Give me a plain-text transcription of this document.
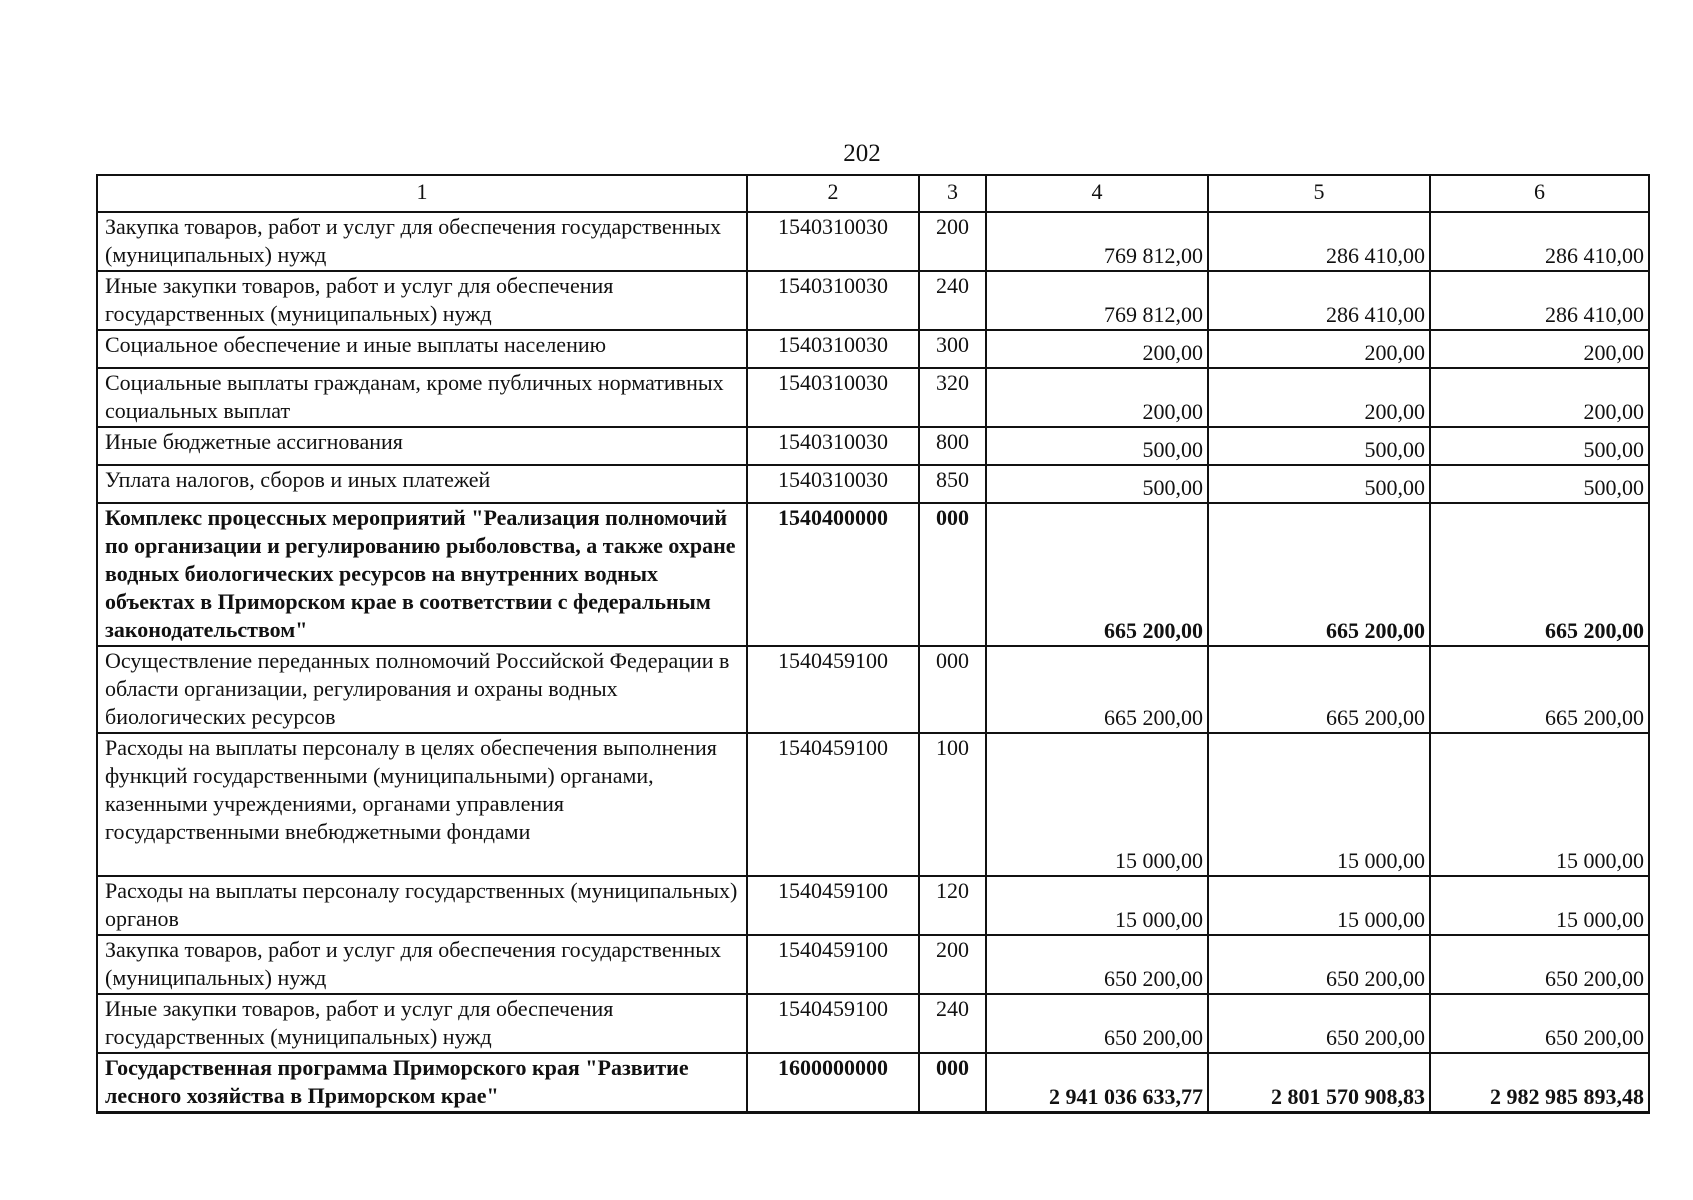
202
1	2	3	4	5	6
Закупка товаров, работ и услуг для обеспечения государственных (муниципальных) нужд	1540310030	200	769 812,00	286 410,00	286 410,00
Иные закупки товаров, работ и услуг для обеспечения государственных (муниципальных) нужд	1540310030	240	769 812,00	286 410,00	286 410,00
Социальное обеспечение и иные выплаты населению	1540310030	300	200,00	200,00	200,00
Социальные выплаты гражданам, кроме публичных нормативных социальных выплат	1540310030	320	200,00	200,00	200,00
Иные бюджетные ассигнования	1540310030	800	500,00	500,00	500,00
Уплата налогов, сборов и иных платежей	1540310030	850	500,00	500,00	500,00
Комплекс процессных мероприятий "Реализация полномочий по организации и регулированию рыболовства, а также охране водных биологических ресурсов на внутренних водных объектах в Приморском крае в соответствии с федеральным законодательством"	1540400000	000	665 200,00	665 200,00	665 200,00
Осуществление переданных полномочий Российской Федерации в области организации, регулирования и охраны водных биологических ресурсов	1540459100	000	665 200,00	665 200,00	665 200,00
Расходы на выплаты персоналу в целях обеспечения выполнения функций государственными (муниципальными) органами, казенными учреждениями, органами управления государственными внебюджетными фондами	1540459100	100	15 000,00	15 000,00	15 000,00
Расходы на выплаты персоналу государственных (муниципальных) органов	1540459100	120	15 000,00	15 000,00	15 000,00
Закупка товаров, работ и услуг для обеспечения государственных (муниципальных) нужд	1540459100	200	650 200,00	650 200,00	650 200,00
Иные закупки товаров, работ и услуг для обеспечения государственных (муниципальных) нужд	1540459100	240	650 200,00	650 200,00	650 200,00
Государственная программа Приморского края "Развитие лесного хозяйства в Приморском крае"	1600000000	000	2 941 036 633,77	2 801 570 908,83	2 982 985 893,48
